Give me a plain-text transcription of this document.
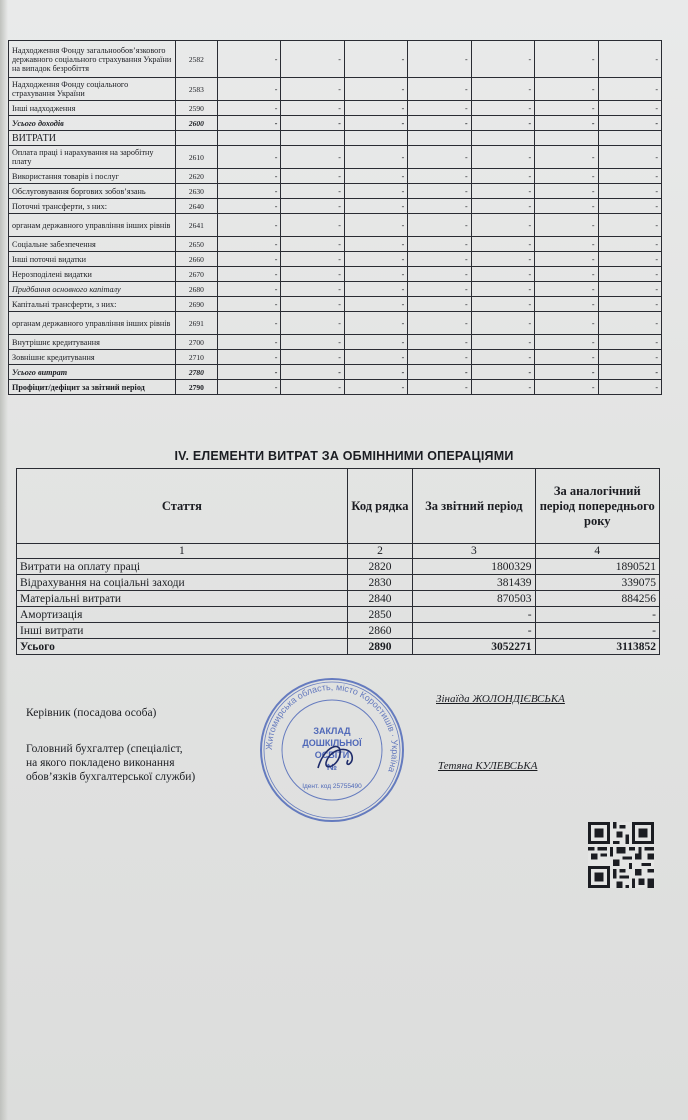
Надходження Фонду загальнообов’язкового державного соціального страхування України на випадок безробіття	2582	-	-	-	-	-	-	-
Надходження Фонду соціального страхування України	2583	-	-	-	-	-	-	-
Інші надходження	2590	-	-	-	-	-	-	-
Усього доходів	2600	-	-	-	-	-	-	-
ВИТРАТИ								
Оплата праці і нарахування на заробітну плату	2610	-	-	-	-	-	-	-
Використання товарів і послуг	2620	-	-	-	-	-	-	-
Обслуговування боргових зобов’язань	2630	-	-	-	-	-	-	-
Поточні трансферти, з них:	2640	-	-	-	-	-	-	-
органам державного управління інших рівнів	2641	-	-	-	-	-	-	-
Соціальне забезпечення	2650	-	-	-	-	-	-	-
Інші поточні видатки	2660	-	-	-	-	-	-	-
Нерозподілені видатки	2670	-	-	-	-	-	-	-
Придбання основного капіталу	2680	-	-	-	-	-	-	-
Капітальні трансферти, з них:	2690	-	-	-	-	-	-	-
органам державного управління інших рівнів	2691	-	-	-	-	-	-	-
Внутрішнє кредитування	2700	-	-	-	-	-	-	-
Зовнішнє кредитування	2710	-	-	-	-	-	-	-
Усього витрат	2780	-	-	-	-	-	-	-
Профіцит/дефіцит за звітний період	2790	-	-	-	-	-	-	-
IV. ЕЛЕМЕНТИ ВИТРАТ ЗА ОБМІННИМИ ОПЕРАЦІЯМИ
Стаття	Код рядка	За звітний період	За аналогічний період попереднього року
1	2	3	4
Витрати на оплату праці	2820	1800329	1890521
Відрахування на соціальні заходи	2830	381439	339075
Матеріальні витрати	2840	870503	884256
Амортизація	2850	-	-
Інші витрати	2860	-	-
Усього	2890	3052271	3113852
Керівник (посадова особа)
Зінаїда ЖОЛОНДІЄВСЬКА
Головний бухгалтер (спеціаліст,
на якого покладено виконання
обов’язків бухгалтерської служби)
Тетяна КУЛЕВСЬКА
Житомирська область, місто Коростишів · Україна
ЗАКЛАД
ДОШКІЛЬНОЇ
ОСВІТИ
№
Ідент. код 25755490
